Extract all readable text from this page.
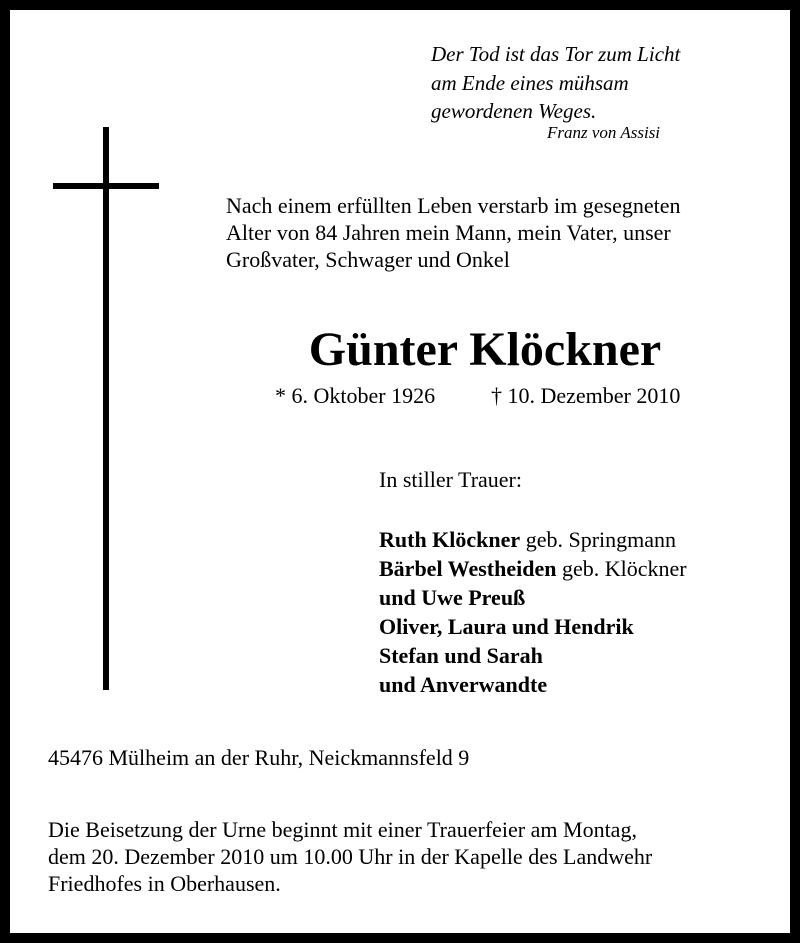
Der Tod ist das Tor zum Licht
am Ende eines mühsam
gewordenen Weges.
Franz von Assisi
Nach einem erfüllten Leben verstarb im gesegneten
Alter von 84 Jahren mein Mann, mein Vater, unser
Großvater, Schwager und Onkel
Günter Klöckner
* 6. Oktober 1926	† 10. Dezember 2010
In stiller Trauer:
Ruth Klöckner geb. Springmann
Bärbel Westheiden geb. Klöckner
und Uwe Preuß
Oliver, Laura und Hendrik
Stefan und Sarah
und Anverwandte
45476 Mülheim an der Ruhr, Neickmannsfeld 9
Die Beisetzung der Urne beginnt mit einer Trauerfeier am Montag,
dem 20. Dezember 2010 um 10.00 Uhr in der Kapelle des Landwehr
Friedhofes in Oberhausen.
